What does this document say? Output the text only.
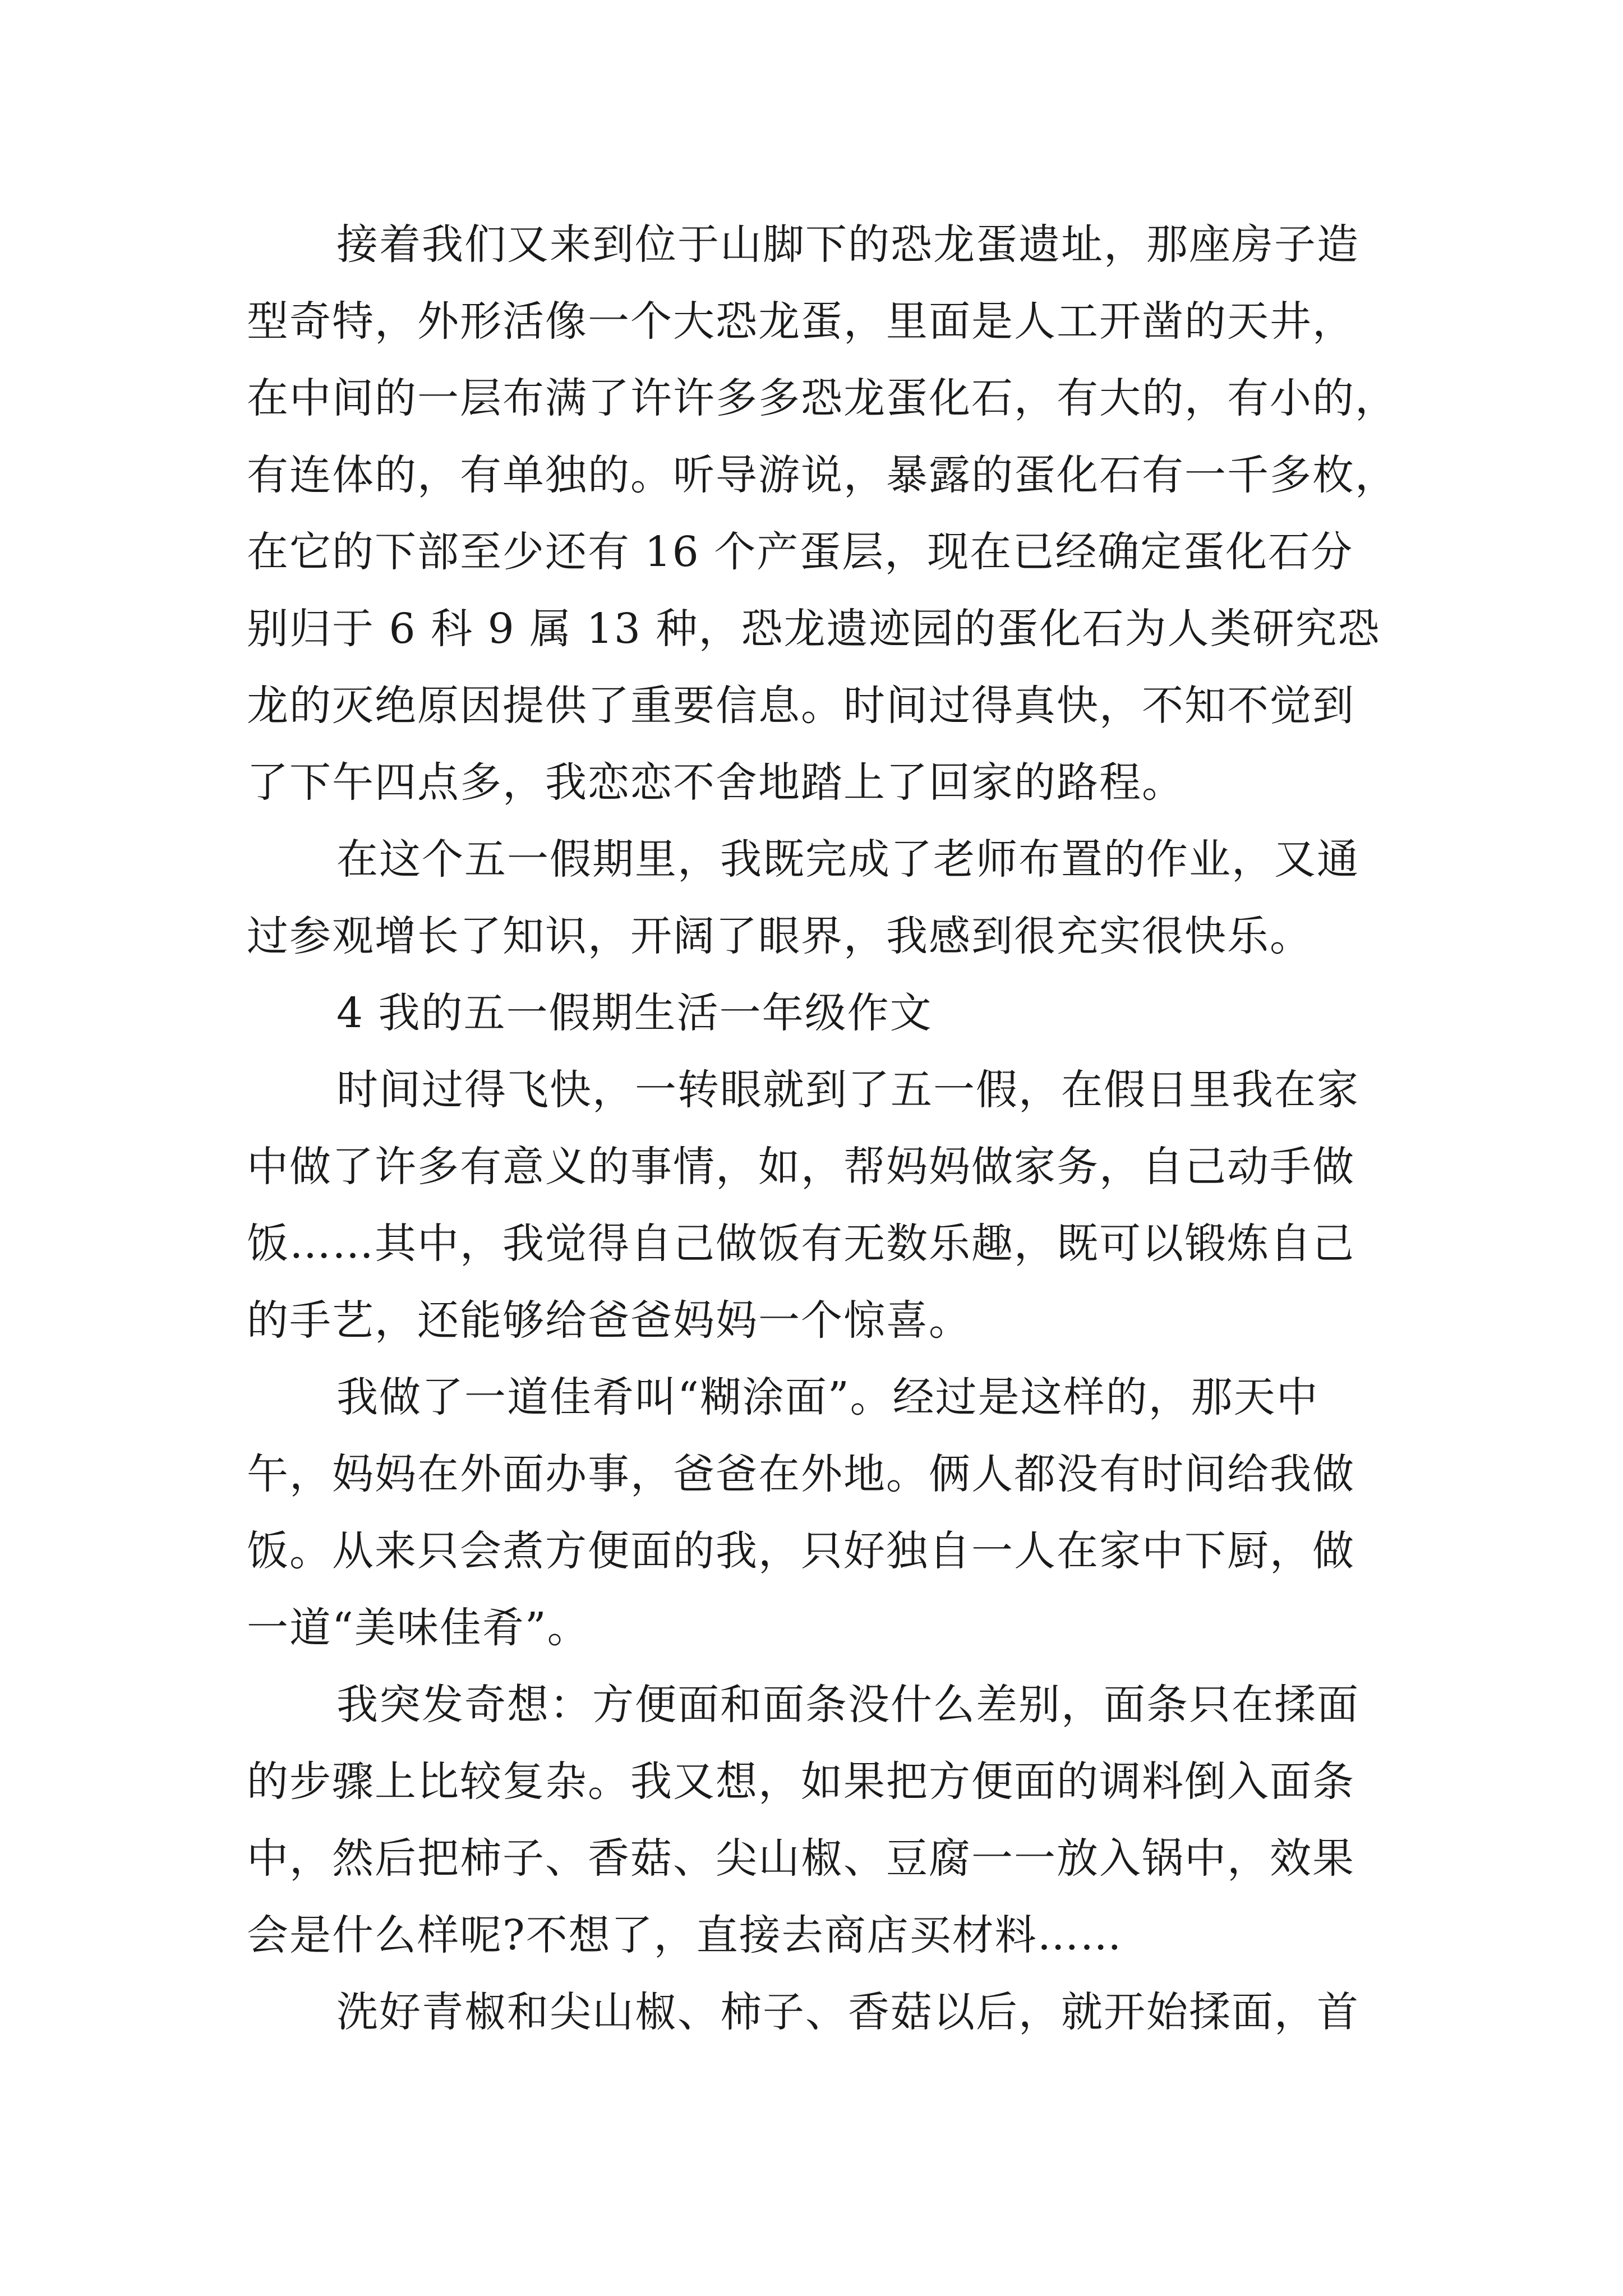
接着我们又来到位于山脚下的恐龙蛋遗址，那座房子造
型奇特，外形活像一个大恐龙蛋，里面是人工开凿的天井，
在中间的一层布满了许许多多恐龙蛋化石，有大的，有小的，
有连体的，有单独的。听导游说，暴露的蛋化石有一千多枚，
在它的下部至少还有 16 个产蛋层，现在已经确定蛋化石分
别归于 6 科 9 属 13 种，恐龙遗迹园的蛋化石为人类研究恐
龙的灭绝原因提供了重要信息。时间过得真快，不知不觉到
了下午四点多，我恋恋不舍地踏上了回家的路程。
在这个五一假期里，我既完成了老师布置的作业，又通
过参观增长了知识，开阔了眼界，我感到很充实很快乐。
4 我的五一假期生活一年级作文
时间过得飞快，一转眼就到了五一假，在假日里我在家
中做了许多有意义的事情，如，帮妈妈做家务，自己动手做
饭……其中，我觉得自己做饭有无数乐趣，既可以锻炼自己
的手艺，还能够给爸爸妈妈一个惊喜。
我做了一道佳肴叫“糊涂面”。经过是这样的，那天中
午，妈妈在外面办事，爸爸在外地。俩人都没有时间给我做
饭。从来只会煮方便面的我，只好独自一人在家中下厨，做
一道“美味佳肴”。
我突发奇想：方便面和面条没什么差别，面条只在揉面
的步骤上比较复杂。我又想，如果把方便面的调料倒入面条
中，然后把柿子、香菇、尖山椒、豆腐一一放入锅中，效果
会是什么样呢?不想了，直接去商店买材料……
洗好青椒和尖山椒、柿子、香菇以后，就开始揉面，首
